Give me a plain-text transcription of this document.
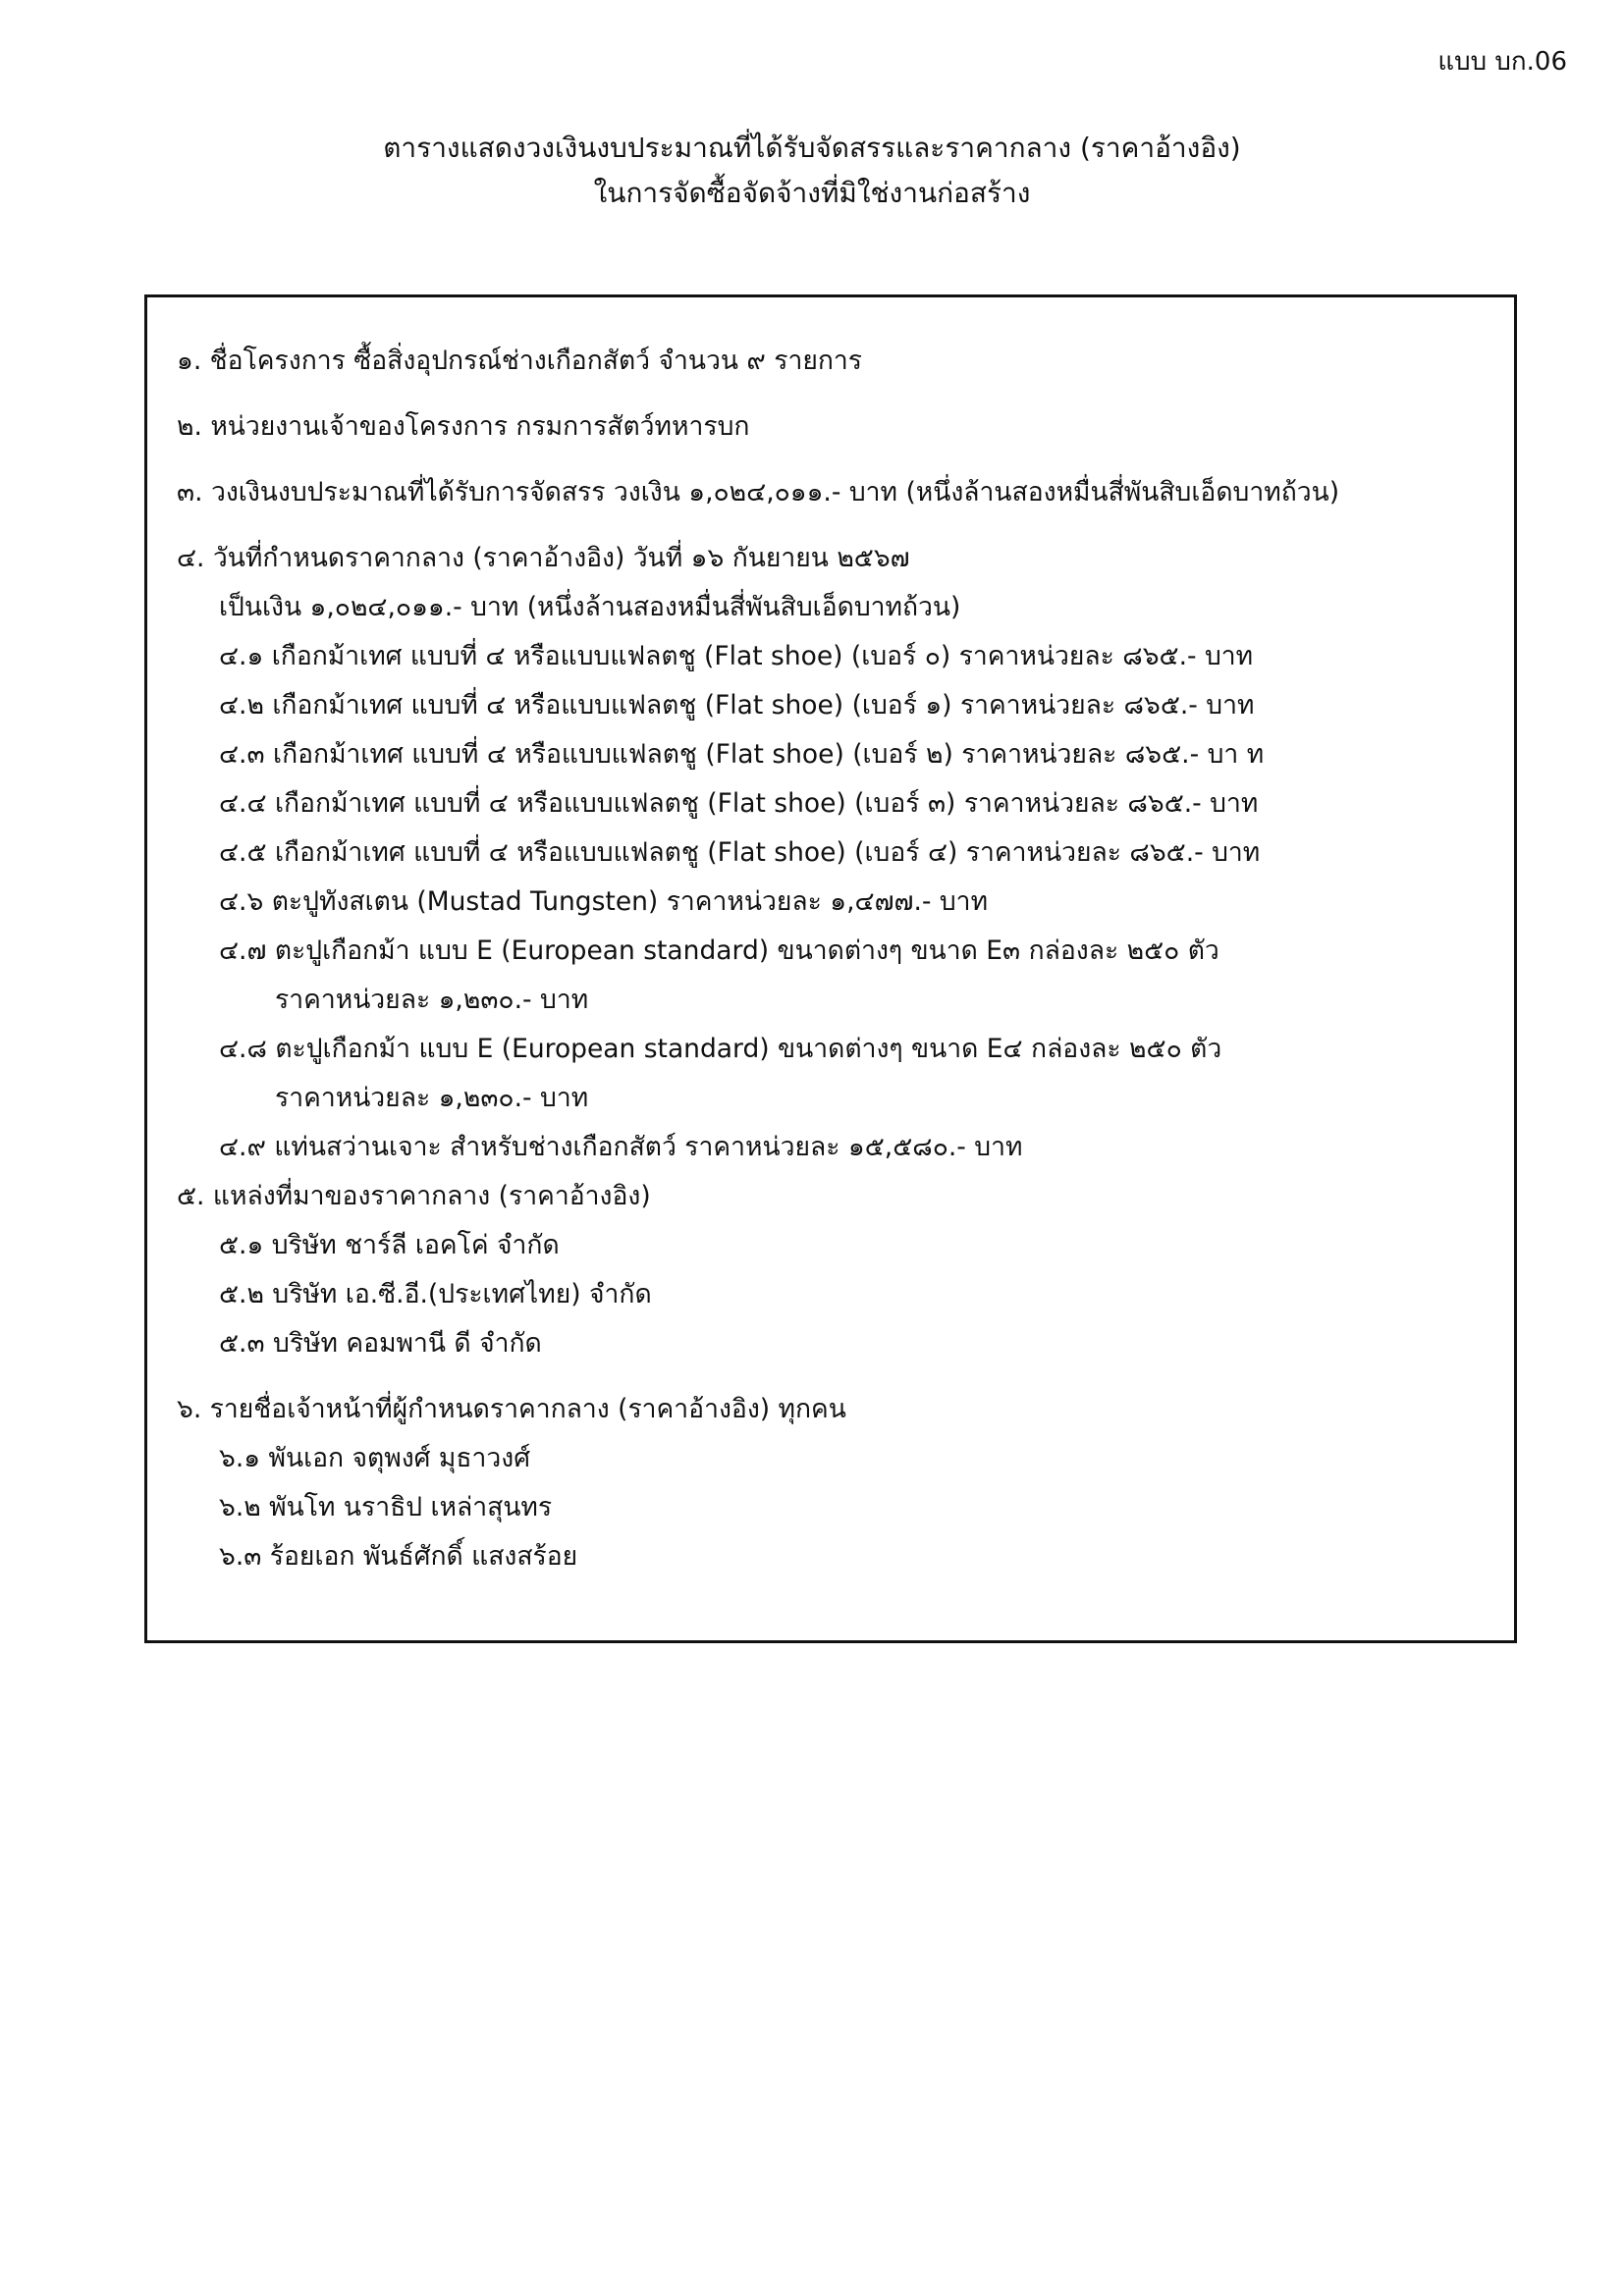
แบบ บก.06
ตารางแสดงวงเงินงบประมาณที่ได้รับจัดสรรและราคากลาง (ราคาอ้างอิง)
ในการจัดซื้อจัดจ้างที่มิใช่งานก่อสร้าง
๑. ชื่อโครงการ ซื้อสิ่งอุปกรณ์ช่างเกือกสัตว์ จำนวน ๙ รายการ
๒. หน่วยงานเจ้าของโครงการ กรมการสัตว์ทหารบก
๓. วงเงินงบประมาณที่ได้รับการจัดสรร วงเงิน ๑,๐๒๔,๐๑๑.- บาท (หนึ่งล้านสองหมื่นสี่พันสิบเอ็ดบาทถ้วน)
๔. วันที่กำหนดราคากลาง (ราคาอ้างอิง) วันที่ ๑๖ กันยายน ๒๕๖๗
เป็นเงิน ๑,๐๒๔,๐๑๑.- บาท (หนึ่งล้านสองหมื่นสี่พันสิบเอ็ดบาทถ้วน)
๔.๑ เกือกม้าเทศ แบบที่ ๔ หรือแบบแฟลตชู (Flat shoe) (เบอร์ ๐) ราคาหน่วยละ ๘๖๕.- บาท
๔.๒ เกือกม้าเทศ แบบที่ ๔ หรือแบบแฟลตชู (Flat shoe) (เบอร์ ๑) ราคาหน่วยละ ๘๖๕.- บาท
๔.๓ เกือกม้าเทศ แบบที่ ๔ หรือแบบแฟลตชู (Flat shoe) (เบอร์ ๒) ราคาหน่วยละ ๘๖๕.- บา ท
๔.๔ เกือกม้าเทศ แบบที่ ๔ หรือแบบแฟลตชู (Flat shoe) (เบอร์ ๓) ราคาหน่วยละ ๘๖๕.- บาท
๔.๕ เกือกม้าเทศ แบบที่ ๔ หรือแบบแฟลตชู (Flat shoe) (เบอร์ ๔) ราคาหน่วยละ ๘๖๕.- บาท
๔.๖ ตะปูทังสเตน (Mustad Tungsten) ราคาหน่วยละ ๑,๔๗๗.- บาท
๔.๗ ตะปูเกือกม้า แบบ E (European standard) ขนาดต่างๆ ขนาด E๓ กล่องละ ๒๕๐ ตัว
ราคาหน่วยละ ๑,๒๓๐.- บาท
๔.๘ ตะปูเกือกม้า แบบ E (European standard) ขนาดต่างๆ ขนาด E๔ กล่องละ ๒๕๐ ตัว
ราคาหน่วยละ ๑,๒๓๐.- บาท
๔.๙ แท่นสว่านเจาะ สำหรับช่างเกือกสัตว์ ราคาหน่วยละ ๑๕,๕๘๐.- บาท
๕. แหล่งที่มาของราคากลาง (ราคาอ้างอิง)
๕.๑ บริษัท ชาร์ลี เอคโค่ จำกัด
๕.๒ บริษัท เอ.ซี.อี.(ประเทศไทย) จำกัด
๕.๓ บริษัท คอมพานี ดี จำกัด
๖. รายชื่อเจ้าหน้าที่ผู้กำหนดราคากลาง (ราคาอ้างอิง) ทุกคน
๖.๑ พันเอก จตุพงศ์ มุธาวงศ์
๖.๒ พันโท นราธิป เหล่าสุนทร
๖.๓ ร้อยเอก พันธ์ศักดิ์ แสงสร้อย
